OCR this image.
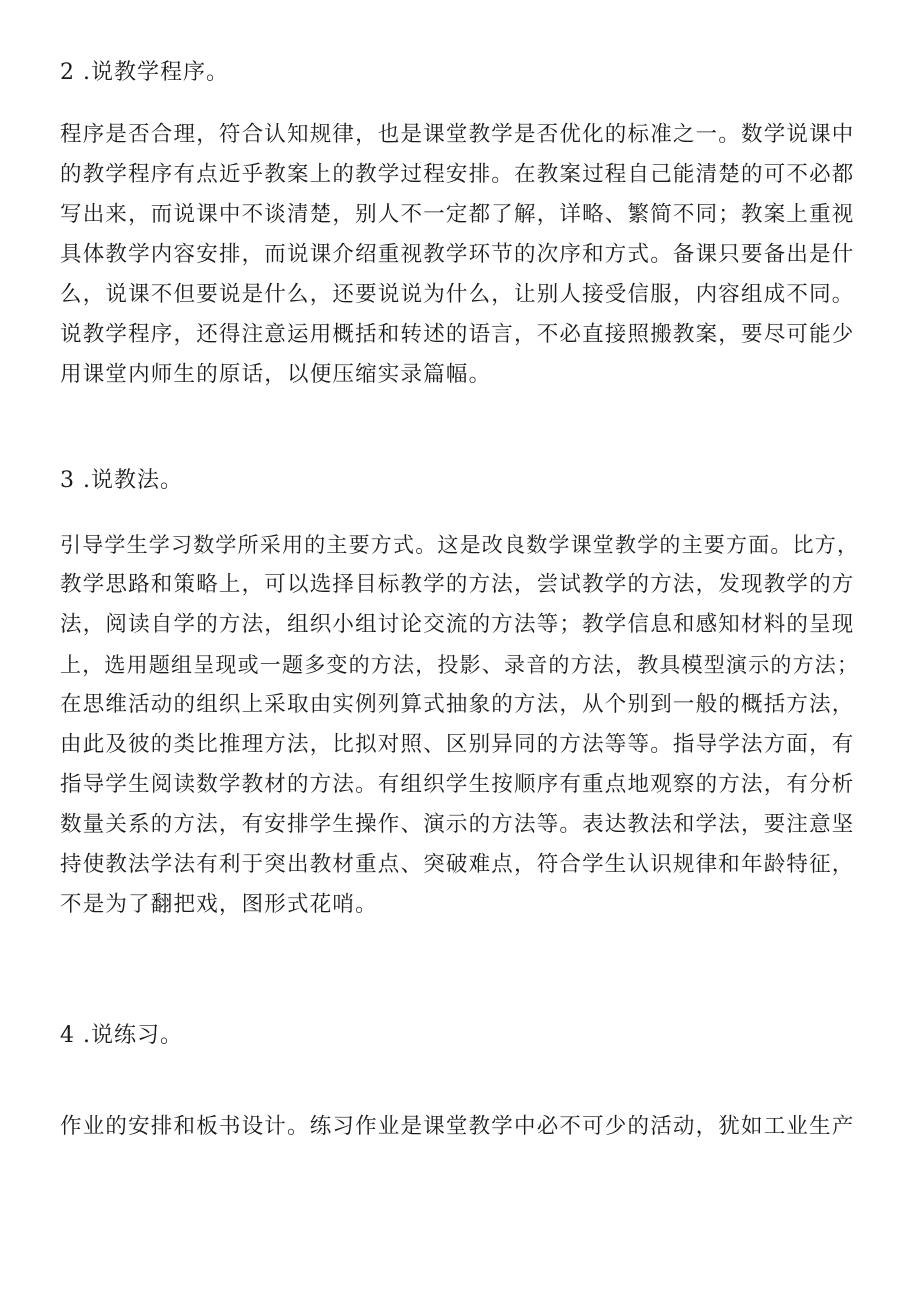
2 .说教学程序。
程序是否合理，符合认知规律，也是课堂教学是否优化的标准之一。数学说课中
的教学程序有点近乎教案上的教学过程安排。在教案过程自己能清楚的可不必都
写出来，而说课中不谈清楚，别人不一定都了解，详略、繁简不同；教案上重视
具体教学内容安排，而说课介绍重视教学环节的次序和方式。备课只要备出是什
么，说课不但要说是什么，还要说说为什么，让别人接受信服，内容组成不同。
说教学程序，还得注意运用概括和转述的语言，不必直接照搬教案，要尽可能少
用课堂内师生的原话，以便压缩实录篇幅。
3 .说教法。
引导学生学习数学所采用的主要方式。这是改良数学课堂教学的主要方面。比方，
教学思路和策略上，可以选择目标教学的方法，尝试教学的方法，发现教学的方
法，阅读自学的方法，组织小组讨论交流的方法等；教学信息和感知材料的呈现
上，选用题组呈现或一题多变的方法，投影、录音的方法，教具模型演示的方法；
在思维活动的组织上采取由实例列算式抽象的方法，从个别到一般的概括方法，
由此及彼的类比推理方法，比拟对照、区别异同的方法等等。指导学法方面，有
指导学生阅读数学教材的方法。有组织学生按顺序有重点地观察的方法，有分析
数量关系的方法，有安排学生操作、演示的方法等。表达教法和学法，要注意坚
持使教法学法有利于突出教材重点、突破难点，符合学生认识规律和年龄特征，
不是为了翻把戏，图形式花哨。
4 .说练习。
作业的安排和板书设计。练习作业是课堂教学中必不可少的活动，犹如工业生产
